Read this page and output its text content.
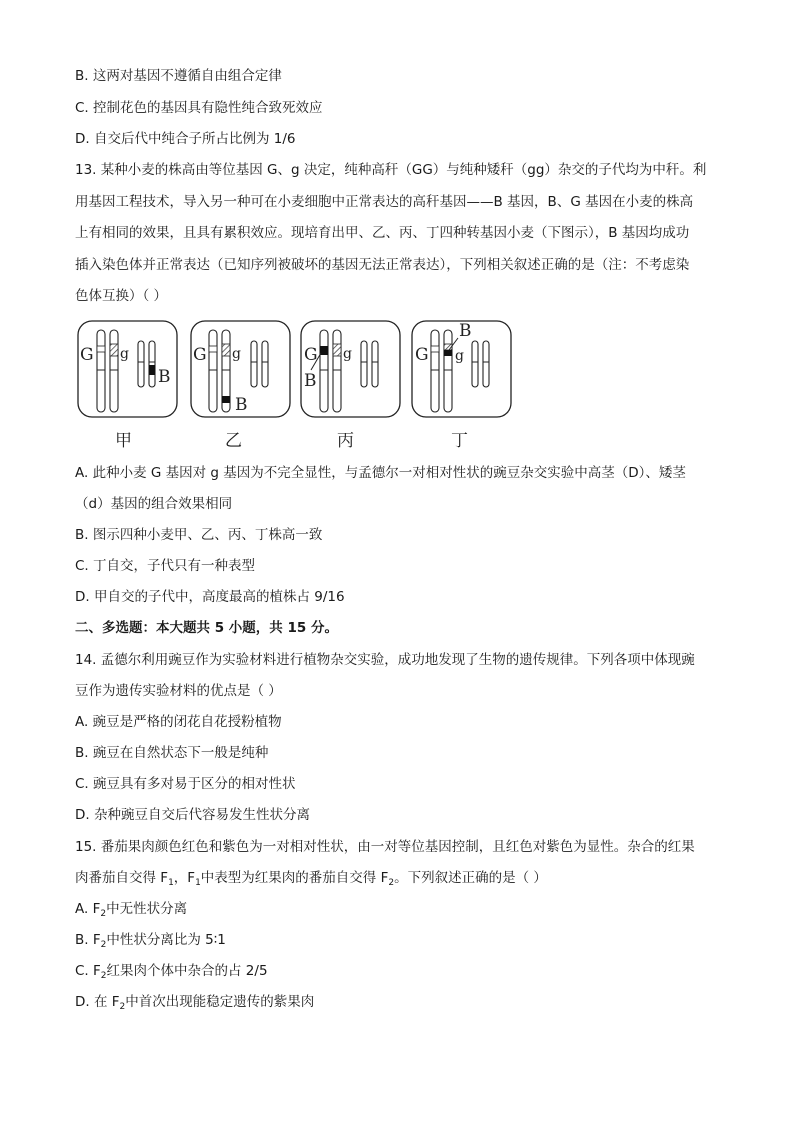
B. 这两对基因不遵循自由组合定律
C. 控制花色的基因具有隐性纯合致死效应
D. 自交后代中纯合子所占比例为 1/6
13. 某种小麦的株高由等位基因 G、g 决定，纯种高秆（GG）与纯种矮秆（gg）杂交的子代均为中秆。利
用基因工程技术，导入另一种可在小麦细胞中正常表达的高秆基因——B 基因，B、G 基因在小麦的株高
上有相同的效果，且具有累积效应。现培育出甲、乙、丙、丁四种转基因小麦（下图示），B 基因均成功
插入染色体并正常表达（已知序列被破坏的基因无法正常表达），下列相关叙述正确的是（注：不考虑染
色体互换）（ ）
G g
B
甲
G g
B
乙
G g
B
丙
G g
B
丁
A. 此种小麦 G 基因对 g 基因为不完全显性，与孟德尔一对相对性状的豌豆杂交实验中高茎（D）、矮茎
（d）基因的组合效果相同
B. 图示四种小麦甲、乙、丙、丁株高一致
C. 丁自交，子代只有一种表型
D. 甲自交的子代中，高度最高的植株占 9/16
二、多选题：本大题共 5 小题，共 15 分。
14. 孟德尔利用豌豆作为实验材料进行植物杂交实验，成功地发现了生物的遗传规律。下列各项中体现豌
豆作为遗传实验材料的优点是（ ）
A. 豌豆是严格的闭花自花授粉植物
B. 豌豆在自然状态下一般是纯种
C. 豌豆具有多对易于区分的相对性状
D. 杂种豌豆自交后代容易发生性状分离
15. 番茄果肉颜色红色和紫色为一对相对性状，由一对等位基因控制，且红色对紫色为显性。杂合的红果
肉番茄自交得 $F_1$，$F_1$中表型为红果肉的番茄自交得 $F_2$。下列叙述正确的是（ ）
A. $F_2$中无性状分离
B. $F_2$中性状分离比为 5∶1
C. $F_2$红果肉个体中杂合的占 2/5
D. 在 $F_2$中首次出现能稳定遗传的紫果肉
